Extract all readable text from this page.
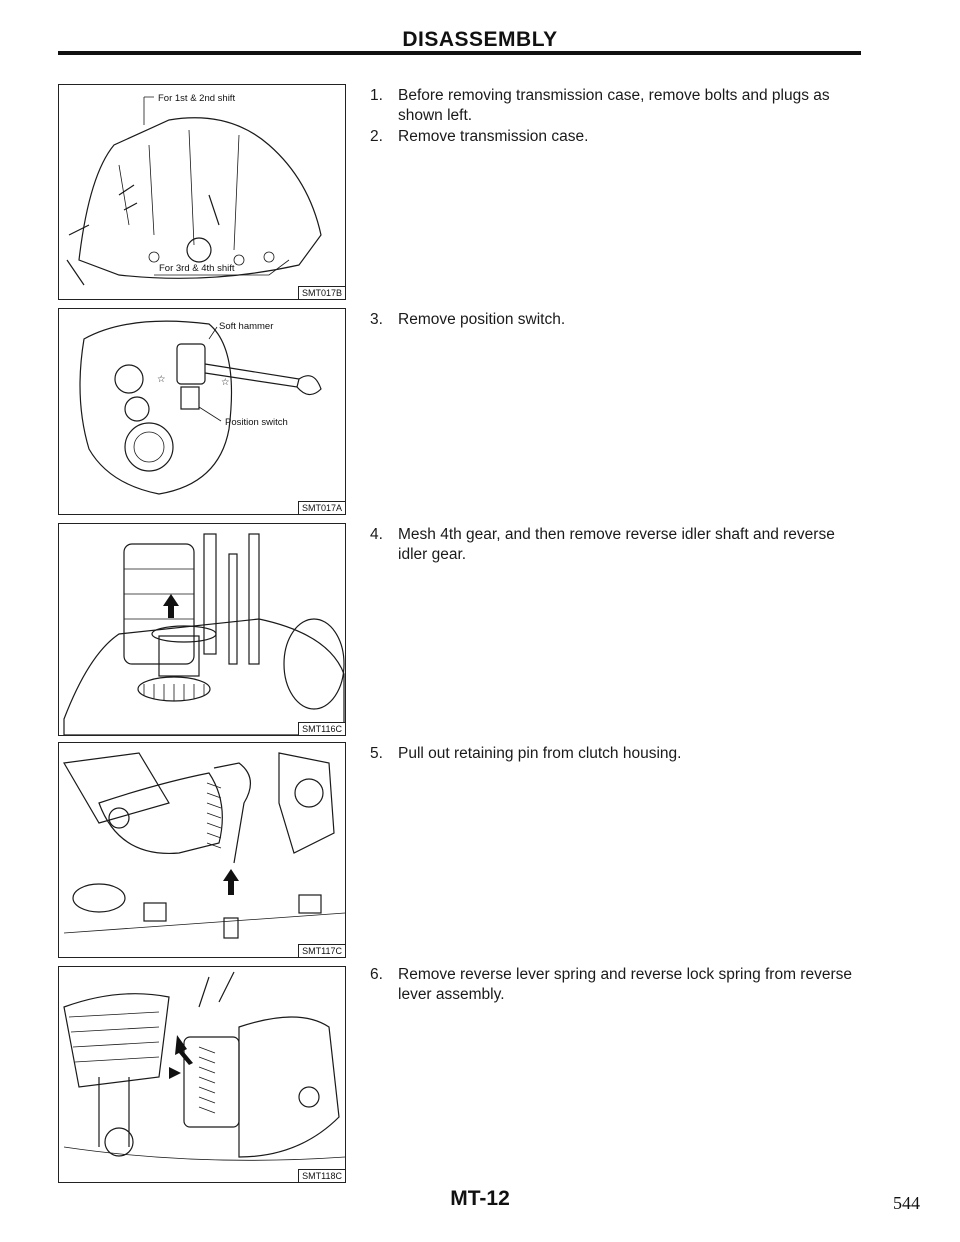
DISASSEMBLY
For 1st & 2nd shift
For 3rd & 4th shift
SMT017B
☆	☆
Soft hammer
Position switch
SMT017A
SMT116C
SMT117C
SMT118C
1. Before removing transmission case, remove bolts and plugs as shown left.
2. Remove transmission case.
3. Remove position switch.
4. Mesh 4th gear, and then remove reverse idler shaft and reverse idler gear.
5. Pull out retaining pin from clutch housing.
6. Remove reverse lever spring and reverse lock spring from reverse lever assembly.
MT-12	544
